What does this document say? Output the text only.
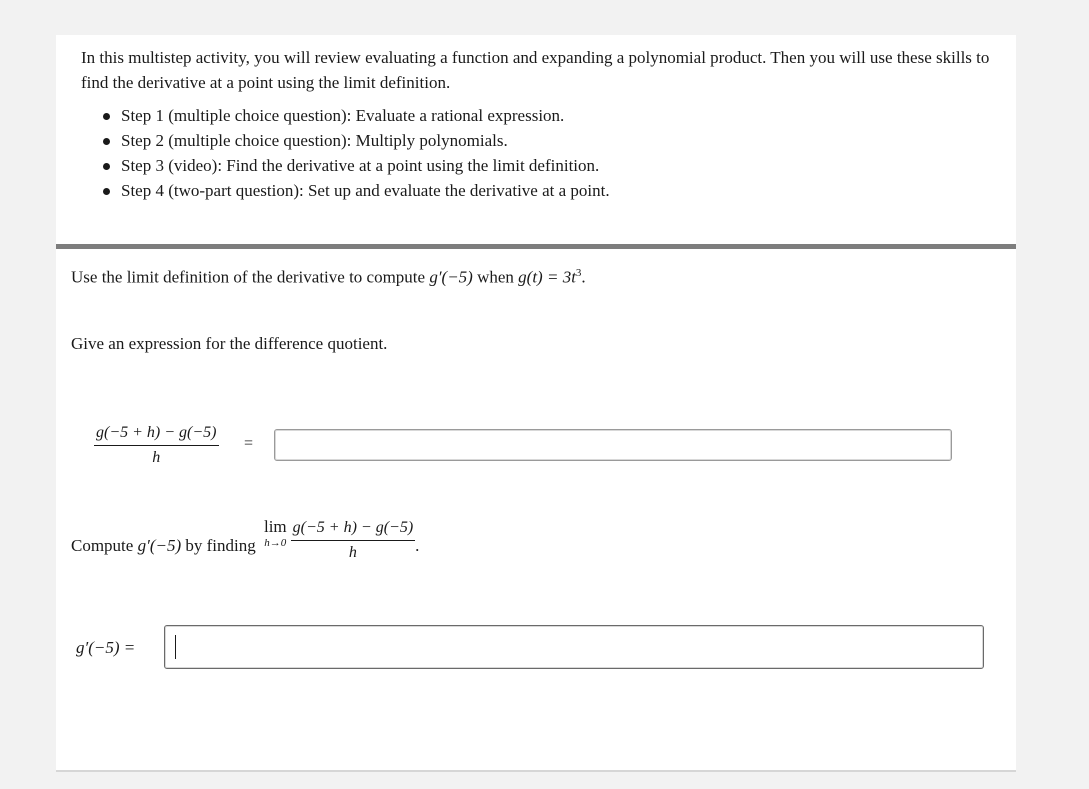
In this multistep activity, you will review evaluating a function and expanding a polynomial product. Then you will use these skills to find the derivative at a point using the limit definition.

Step 1 (multiple choice question): Evaluate a rational expression.
Step 2 (multiple choice question): Multiply polynomials.
Step 3 (video): Find the derivative at a point using the limit definition.
Step 4 (two-part question): Set up and evaluate the derivative at a point.
Use the limit definition of the derivative to compute g′(−5) when $g(t) = 3t^3$.
Give an expression for the difference quotient.
$\frac{g(-5 + h) - g(-5)}{h}$ =
Compute g′(−5) by finding lim
$h\to 0 \frac{g(-5 + h) - g(-5)}{h}$ .
g′(−5) =
